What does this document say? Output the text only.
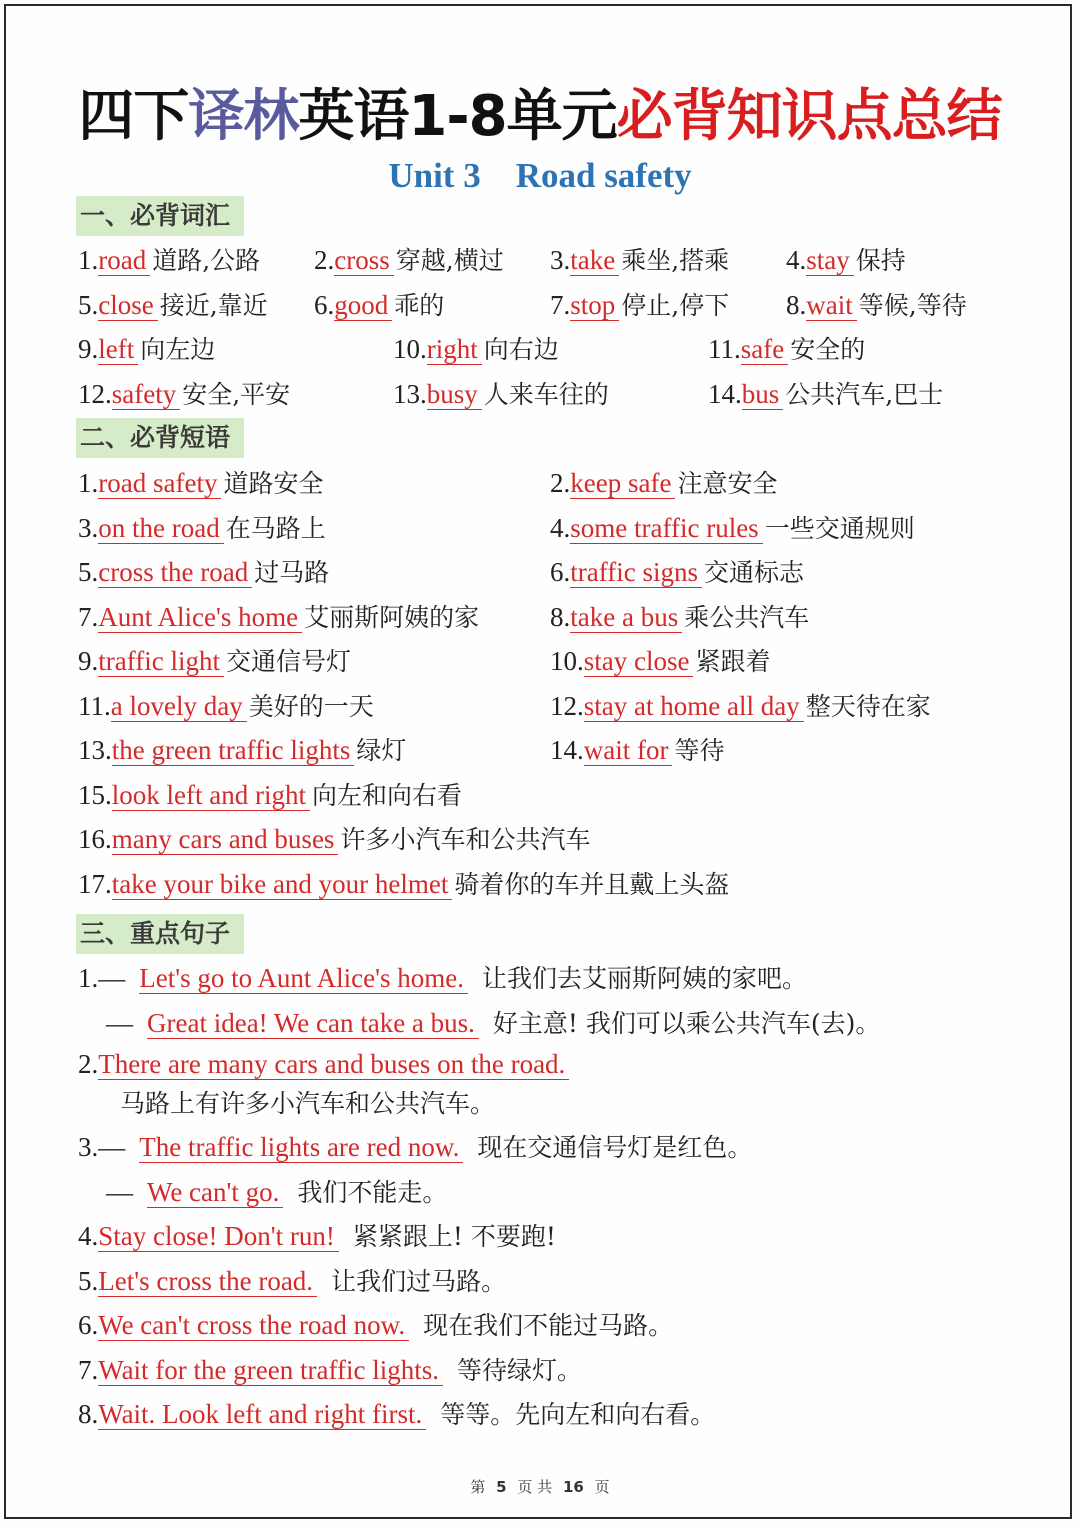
四下译林英语1-8单元必背知识点总结
Unit 3    Road safety
一、必背词汇
1.road 道路,公路 2.cross 穿越,横过 3.take 乘坐,搭乘 4.stay 保持
5.close 接近,靠近 6.good 乖的	7.stop 停止,停下 8.wait 等候,等待
9.left 向左边	10.right 向右边	11.safe 安全的
12.safety 安全,平安	13.busy 人来车往的	14.bus 公共汽车,巴士
二、必背短语
1.road safety 道路安全	2.keep safe 注意安全
3.on the road 在马路上	4.some traffic rules 一些交通规则
5.cross the road 过马路	6.traffic signs 交通标志
7.Aunt Alice's home 艾丽斯阿姨的家	8.take a bus 乘公共汽车
9.traffic light 交通信号灯	10.stay close 紧跟着
11.a lovely day 美好的一天	12.stay at home all day 整天待在家
13.the green traffic lights 绿灯	14.wait for 等待
15.look left and right 向左和向右看
16.many cars and buses 许多小汽车和公共汽车
17.take your bike and your helmet 骑着你的车并且戴上头盔
三、重点句子
1.— Let's go to Aunt Alice's home. 让我们去艾丽斯阿姨的家吧。
— Great idea! We can take a bus. 好主意! 我们可以乘公共汽车(去)。
2.There are many cars and buses on the road.
马路上有许多小汽车和公共汽车。
3.— The traffic lights are red now. 现在交通信号灯是红色。
— We can't go. 我们不能走。
4.Stay close! Don't run! 紧紧跟上! 不要跑!
5.Let's cross the road. 让我们过马路。
6.We can't cross the road now. 现在我们不能过马路。
7.Wait for the green traffic lights. 等待绿灯。
8.Wait. Look left and right first. 等等。先向左和向右看。
第 5 页 共 16 页
